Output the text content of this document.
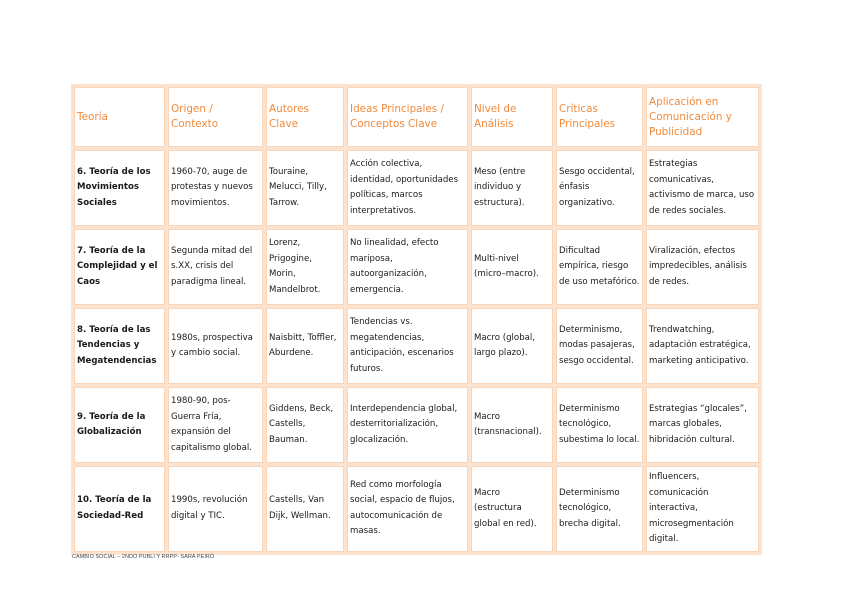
Teoría	Origen / Contexto	Autores Clave	Ideas Principales / Conceptos Clave	Nivel de Análisis	Críticas Principales	Aplicación en Comunicación y Publicidad
6. Teoría de los Movimientos Sociales	1960-70, auge de protestas y nuevos movimientos.	Touraine, Melucci, Tilly, Tarrow.	Acción colectiva, identidad, oportunidades políticas, marcos interpretativos.	Meso (entre individuo y estructura).	Sesgo occidental, énfasis organizativo.	Estrategias comunicativas, activismo de marca, uso de redes sociales.
7. Teoría de la Complejidad y el Caos	Segunda mitad del s.XX, crisis del paradigma lineal.	Lorenz, Prigogine, Morin, Mandelbrot.	No linealidad, efecto mariposa, autoorganización, emergencia.	Multi-nivel (micro–macro).	Dificultad empírica, riesgo de uso metafórico.	Viralización, efectos impredecibles, análisis de redes.
8. Teoría de las Tendencias y Megatendencias	1980s, prospectiva y cambio social.	Naisbitt, Toffler, Aburdene.	Tendencias vs. megatendencias, anticipación, escenarios futuros.	Macro (global, largo plazo).	Determinismo, modas pasajeras, sesgo occidental.	Trendwatching, adaptación estratégica, marketing anticipativo.
9. Teoría de la Globalización	1980-90, pos-Guerra Fría, expansión del capitalismo global.	Giddens, Beck, Castells, Bauman.	Interdependencia global, desterritorialización, glocalización.	Macro (transnacional).	Determinismo tecnológico, subestima lo local.	Estrategias “glocales”, marcas globales, hibridación cultural.
10. Teoría de la Sociedad-Red	1990s, revolución digital y TIC.	Castells, Van Dijk, Wellman.	Red como morfología social, espacio de flujos, autocomunicación de masas.	Macro (estructura global en red).	Determinismo tecnológico, brecha digital.	Influencers, comunicación interactiva, microsegmentación digital.
CAMBIO SOCIAL – 2NDO PUBLI Y RRPP- SARA PEIRÓ
